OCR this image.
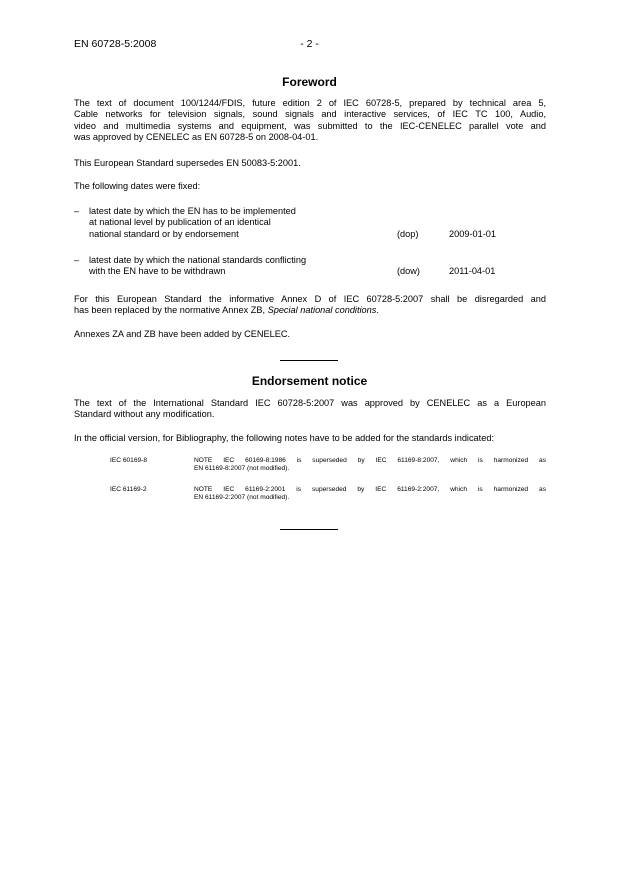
EN 60728-5:2008	- 2 -
Foreword
The text of document 100/1244/FDIS, future edition 2 of IEC 60728-5, prepared by technical area 5,
Cable networks for television signals, sound signals and interactive services, of IEC TC 100, Audio,
video and multimedia systems and equipment, was submitted to the IEC-CENELEC parallel vote and
was approved by CENELEC as EN 60728-5 on 2008-04-01.
This European Standard supersedes EN 50083-5:2001.
The following dates were fixed:
– latest date by which the EN has to be implemented
at national level by publication of an identical
national standard or by endorsement	(dop)	2009-01-01
– latest date by which the national standards conflicting
with the EN have to be withdrawn	(dow)	2011-04-01
For this European Standard the informative Annex D of IEC 60728-5:2007 shall be disregarded and
has been replaced by the normative Annex ZB, Special national conditions.
Annexes ZA and ZB have been added by CENELEC.
Endorsement notice
The text of the International Standard IEC 60728-5:2007 was approved by CENELEC as a European
Standard without any modification.
In the official version, for Bibliography, the following notes have to be added for the standards indicated:
IEC 60169-8	NOTE IEC 60169-8:1986 is superseded by IEC 61169-8:2007, which is harmonized as
EN 61169-8:2007 (not modified).
IEC 61169-2	NOTE IEC 61169-2:2001 is superseded by IEC 61169-2:2007, which is harmonized as
EN 61169-2:2007 (not modified).
